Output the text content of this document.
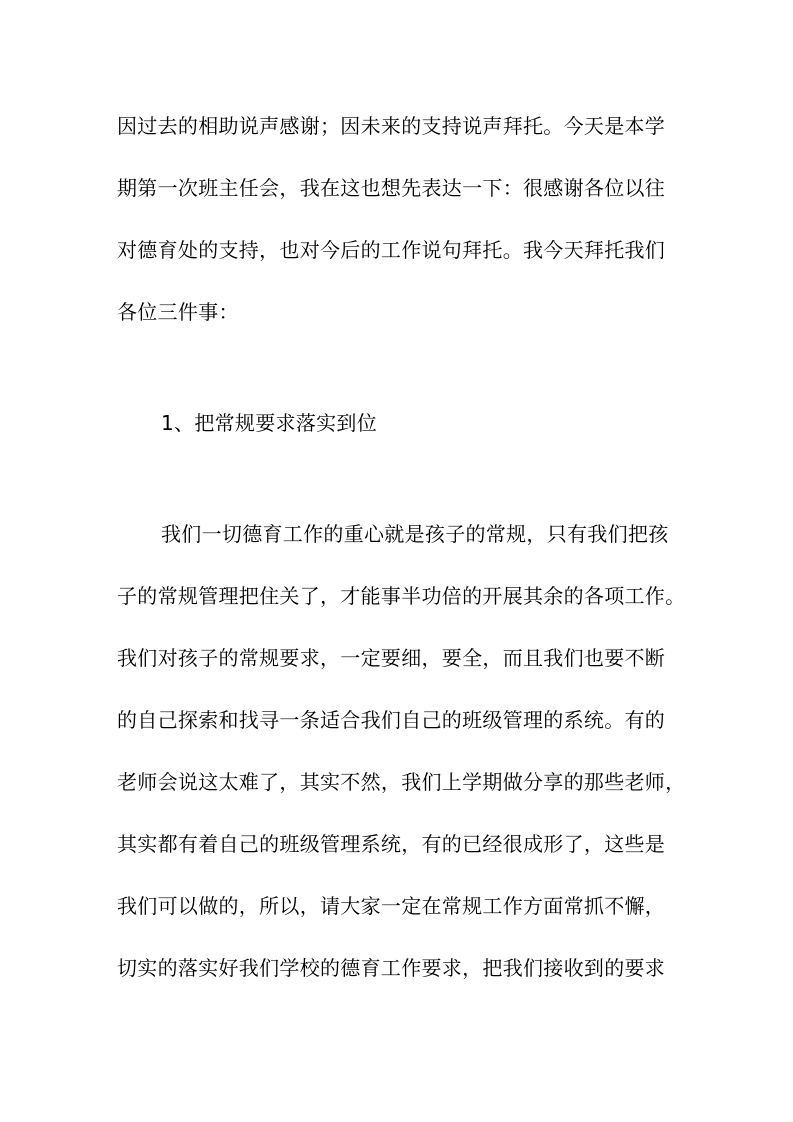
因过去的相助说声感谢；因未来的支持说声拜托。今天是本学
期第一次班主任会，我在这也想先表达一下：很感谢各位以往
对德育处的支持，也对今后的工作说句拜托。我今天拜托我们
各位三件事：
1、把常规要求落实到位
我们一切德育工作的重心就是孩子的常规，只有我们把孩
子的常规管理把住关了，才能事半功倍的开展其余的各项工作。
我们对孩子的常规要求，一定要细，要全，而且我们也要不断
的自己探索和找寻一条适合我们自己的班级管理的系统。有的
老师会说这太难了，其实不然，我们上学期做分享的那些老师，
其实都有着自己的班级管理系统，有的已经很成形了，这些是
我们可以做的，所以，请大家一定在常规工作方面常抓不懈，
切实的落实好我们学校的德育工作要求，把我们接收到的要求
